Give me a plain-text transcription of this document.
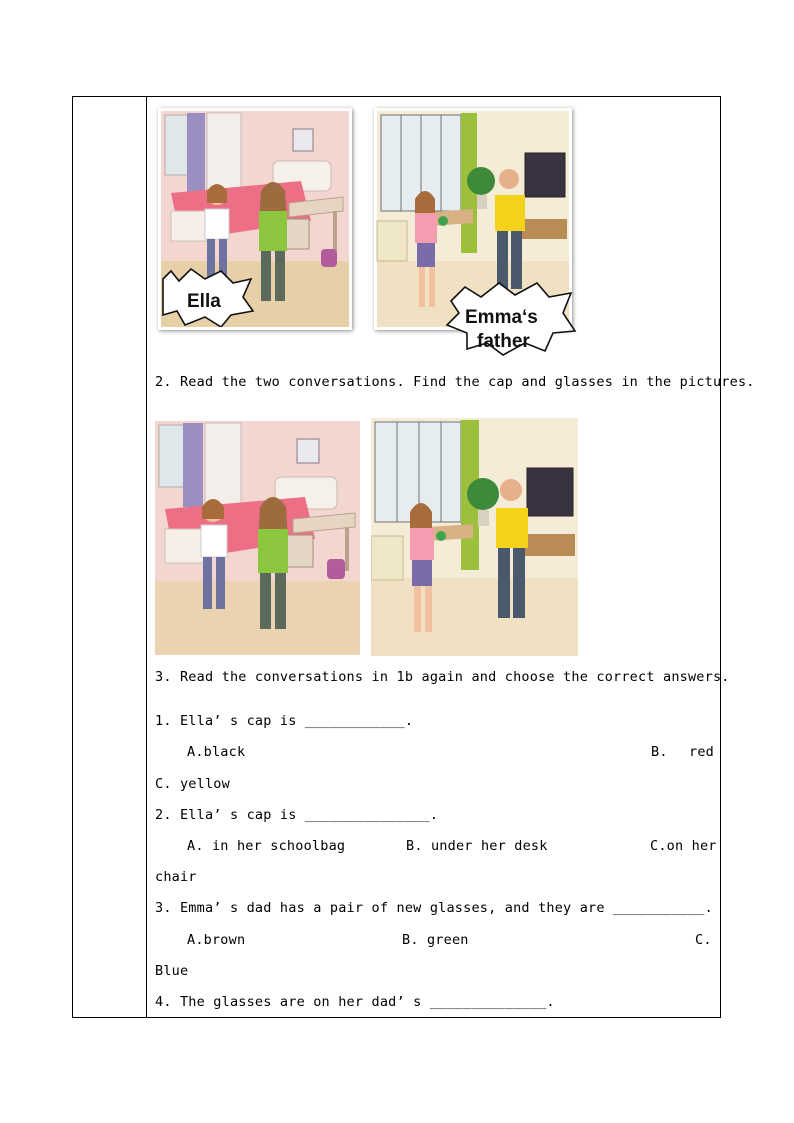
Ella
Emma‘s
father
2. Read the two conversations. Find the cap and glasses in the pictures.
3. Read the conversations in 1b again and choose the correct answers.
1. Ella’ s cap is ____________.
A.black	B. red
C. yellow
2. Ella’ s cap is _______________.
A. in her schoolbag	B. under her desk	C.on her
chair
3. Emma’ s dad has a pair of new glasses, and they are ___________.
A.brown	B. green	C.
Blue
4. The glasses are on her dad’ s ______________.
